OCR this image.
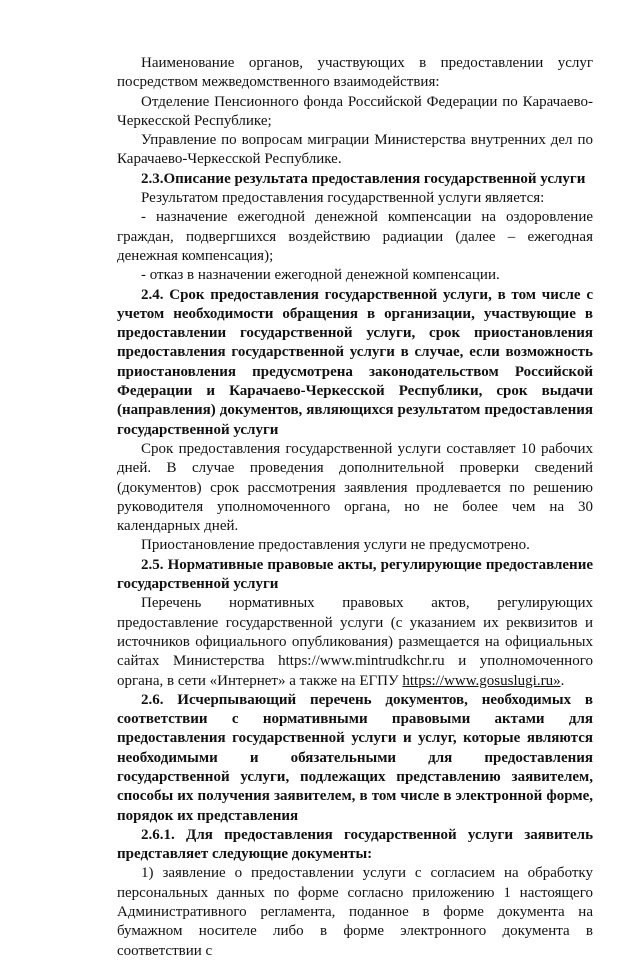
Наименование органов, участвующих в предоставлении услуг посредством межведомственного взаимодействия:

Отделение Пенсионного фонда Российской Федерации по Карачаево-Черкесской Республике;

Управление по вопросам миграции Министерства внутренних дел по Карачаево-Черкесской Республике.

2.3.Описание результата предоставления государственной услуги

Результатом предоставления государственной услуги является:

- назначение ежегодной денежной компенсации на оздоровление граждан, подвергшихся воздействию радиации (далее – ежегодная денежная компенсация);

- отказ в назначении ежегодной денежной компенсации.

2.4. Срок предоставления государственной услуги, в том числе с учетом необходимости обращения в организации, участвующие в предоставлении государственной услуги, срок приостановления предоставления государственной услуги в случае, если возможность приостановления предусмотрена законодательством Российской Федерации и Карачаево-Черкесской Республики, срок выдачи (направления) документов, являющихся результатом предоставления государственной услуги

Срок предоставления государственной услуги составляет 10 рабочих дней. В случае проведения дополнительной проверки сведений (документов) срок рассмотрения заявления продлевается по решению руководителя уполномоченного органа, но не более чем на 30 календарных дней.

Приостановление предоставления услуги не предусмотрено.

2.5. Нормативные правовые акты, регулирующие предоставление государственной услуги

Перечень нормативных правовых актов, регулирующих предоставление государственной услуги (с указанием их реквизитов и источников официального опубликования) размещается на официальных сайтах Министерства https://www.mintrudkchr.ru и уполномоченного органа, в сети «Интернет» а также на ЕГПУ https://www.gosuslugi.ru».

2.6. Исчерпывающий перечень документов, необходимых в соответствии с нормативными правовыми актами для предоставления государственной услуги и услуг, которые являются необходимыми и обязательными для предоставления государственной услуги, подлежащих представлению заявителем, способы их получения заявителем, в том числе в электронной форме, порядок их представления

2.6.1. Для предоставления государственной услуги заявитель представляет следующие документы:

1) заявление о предоставлении услуги с согласием на обработку персональных данных по форме согласно приложению 1 настоящего Административного регламента, поданное в форме документа на бумажном носителе либо в форме электронного документа в соответствии с
